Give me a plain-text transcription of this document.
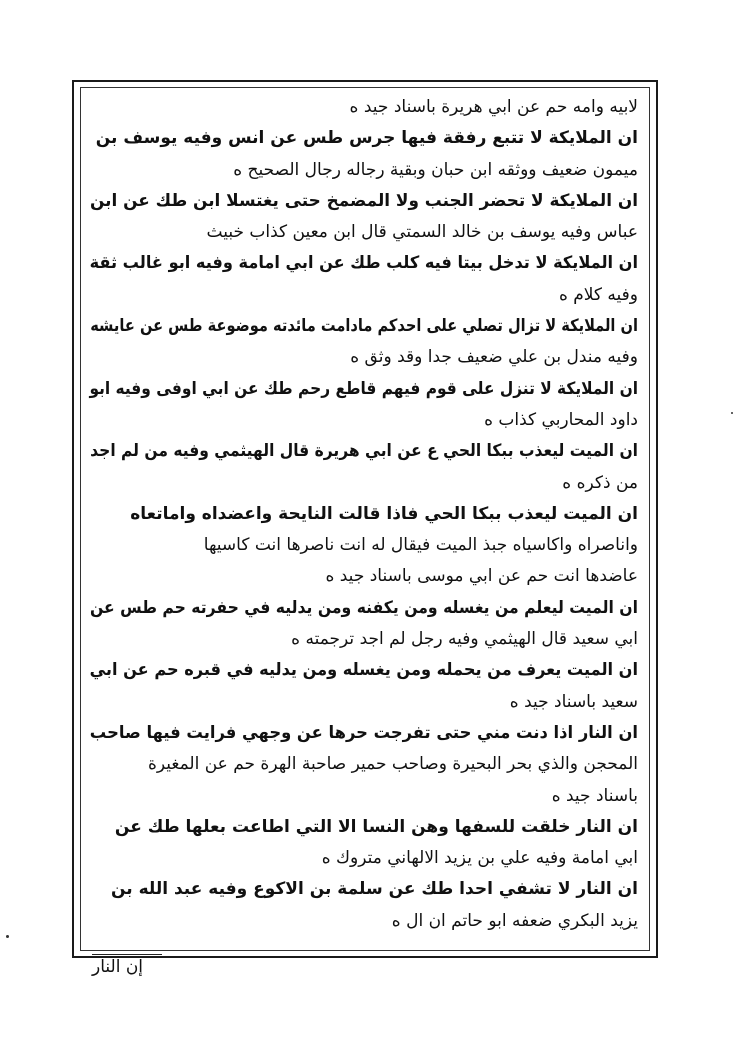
لابيه وامه حم عن ابي هريرة باسناد جيد ه
ان الملايكة لا تتبع رفقة فيها جرس طس عن انس وفيه يوسف بن
ميمون ضعيف ووثقه ابن حبان وبقية رجاله رجال الصحيح ه
ان الملايكة لا تحضر الجنب ولا المضمخ حتى يغتسلا ابن طك عن ابن
عباس وفيه يوسف بن خالد السمتي قال ابن معين كذاب خبيث
ان الملايكة لا تدخل بيتا فيه كلب طك عن ابي امامة وفيه ابو غالب ثقة
وفيه كلام ه
ان الملايكة لا تزال تصلي على احدكم مادامت مائدته موضوعة طس عن عايشه
وفيه مندل بن علي ضعيف جدا وقد وثق ه
ان الملايكة لا تنزل على قوم فيهم قاطع رحم طك عن ابي اوفى وفيه ابو
داود المحاربي كذاب ه
ان الميت ليعذب ببكا الحي ع عن ابي هريرة قال الهيثمي وفيه من لم اجد
من ذكره ه
ان الميت ليعذب ببكا الحي فاذا قالت النايحة واعضداه واماتعاه
واناصراه واكاسياه جبذ الميت فيقال له انت ناصرها انت كاسيها
عاضدها انت حم عن ابي موسى باسناد جيد ه
ان الميت ليعلم من يغسله ومن يكفنه ومن يدليه في حفرته حم طس عن
ابي سعيد قال الهيثمي وفيه رجل لم اجد ترجمته ه
ان الميت يعرف من يحمله ومن يغسله ومن يدليه في قبره حم عن ابي
سعيد باسناد جيد ه
ان النار اذا دنت مني حتى تفرجت حرها عن وجهي فرايت فيها صاحب
المحجن والذي بحر البحيرة وصاحب حمير صاحبة الهرة حم عن المغيرة
باسناد جيد ه
ان النار خلقت للسفها وهن النسا الا التي اطاعت بعلها طك عن
ابي امامة وفيه علي بن يزيد الالهاني متروك ه
ان النار لا تشفي احدا طك عن سلمة بن الاكوع وفيه عبد الله بن
يزيد البكري ضعفه ابو حاتم ان ال ه
إن النار
